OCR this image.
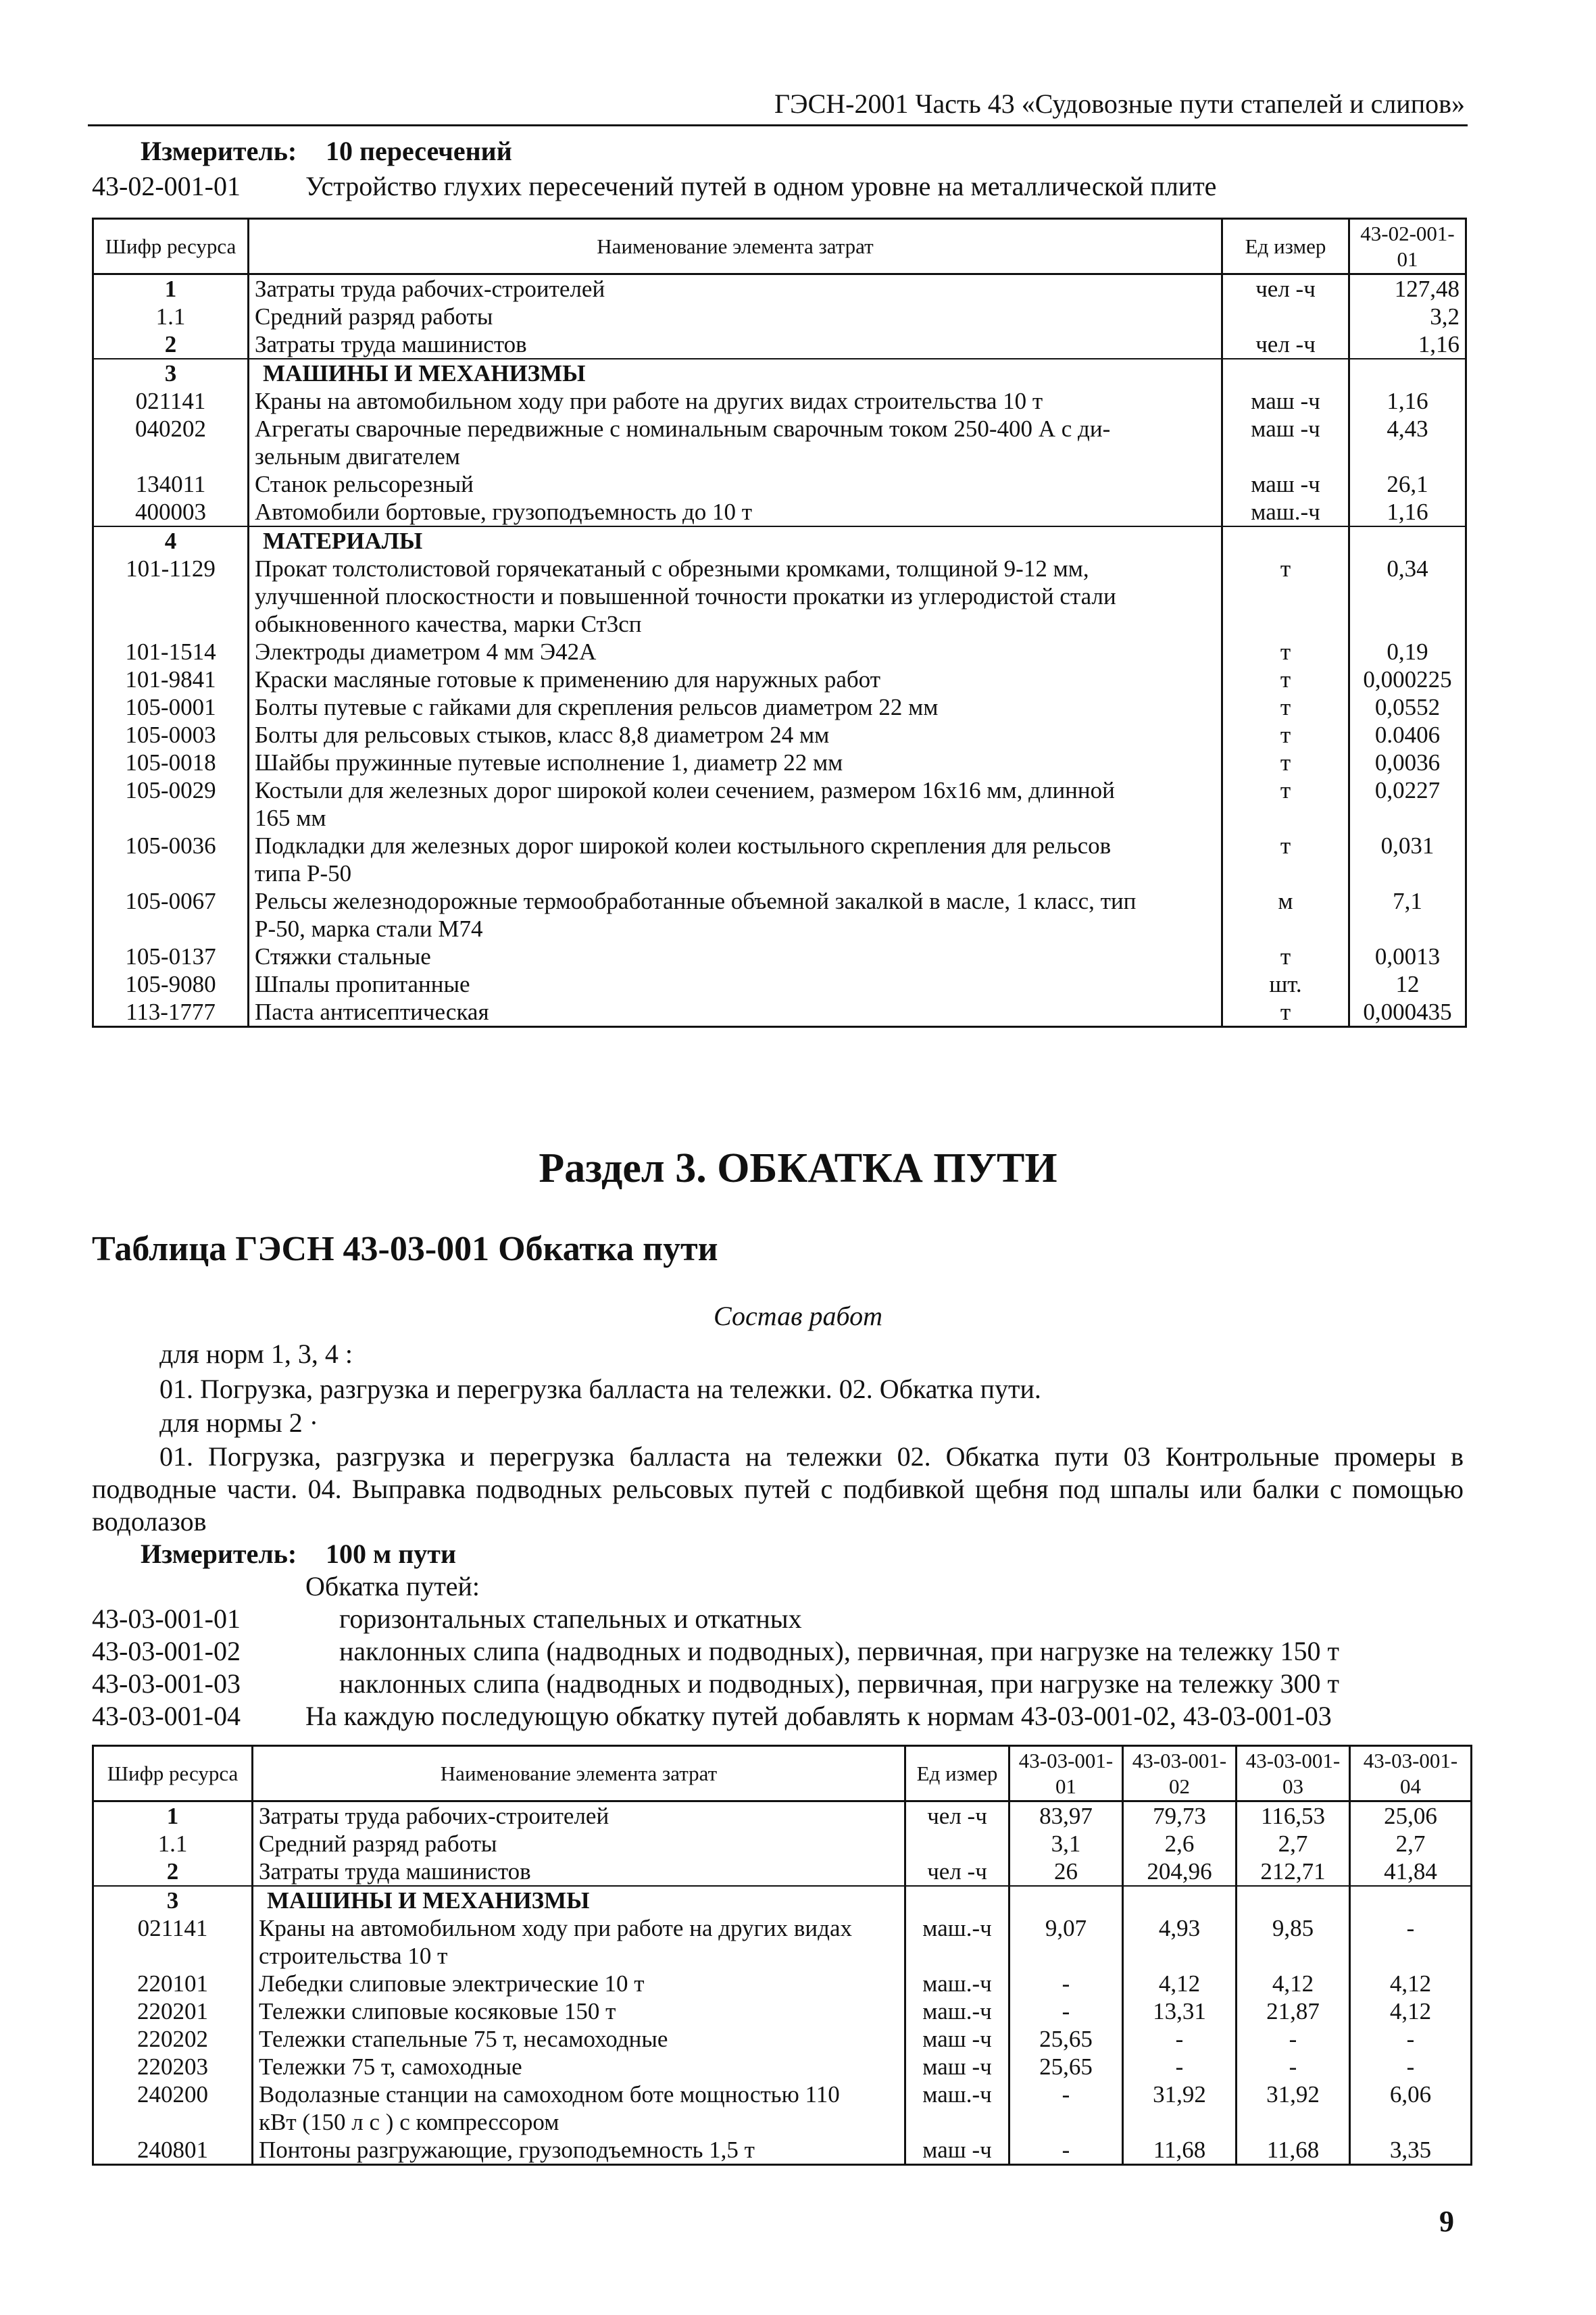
ГЭСН-2001 Часть 43 «Судовозные пути стапелей и слипов»
Измеритель: 10 пересечений
43-02-001-01 Устройство глухих пересечений путей в одном уровне на металлической плите
Шифр ресурса	Наименование элемента затрат	Ед измер	43-02-001-01
1	Затраты труда рабочих-строителей	чел -ч	127,48
1.1	Средний разряд работы		3,2
2	Затраты труда машинистов	чел -ч	1,16
3	МАШИНЫ И МЕХАНИЗМЫ		
021141	Краны на автомобильном ходу при работе на других видах строительства 10 т	маш -ч	1,16
040202	Агрегаты сварочные передвижные с номинальным сварочным током 250-400 А с ди-
зельным двигателем	маш -ч	4,43
134011	Станок рельсорезный	маш -ч	26,1
400003	Автомобили бортовые, грузоподъемность до 10 т	маш.-ч	1,16
4	МАТЕРИАЛЫ		
101-1129	Прокат толстолистовой горячекатаный с обрезными кромками, толщиной 9-12 мм,
улучшенной плоскостности и повышенной точности прокатки из углеродистой стали
обыкновенного качества, марки Ст3сп	т	0,34
101-1514	Электроды диаметром 4 мм Э42А	т	0,19
101-9841	Краски масляные готовые к применению для наружных работ	т	0,000225
105-0001	Болты путевые с гайками для скрепления рельсов диаметром 22 мм	т	0,0552
105-0003	Болты для рельсовых стыков, класс 8,8 диаметром 24 мм	т	0.0406
105-0018	Шайбы пружинные путевые исполнение 1, диаметр 22 мм	т	0,0036
105-0029	Костыли для железных дорог широкой колеи сечением, размером 16х16 мм, длинной
165 мм	т	0,0227
105-0036	Подкладки для железных дорог широкой колеи костыльного скрепления для рельсов
типа Р-50	т	0,031
105-0067	Рельсы железнодорожные термообработанные объемной закалкой в масле, 1 класс, тип
Р-50, марка стали М74	м	7,1
105-0137	Стяжки стальные	т	0,0013
105-9080	Шпалы пропитанные	шт.	12
113-1777	Паста антисептическая	т	0,000435
Раздел 3. ОБКАТКА ПУТИ
Таблица ГЭСН 43-03-001 Обкатка пути
Состав работ
для норм 1, 3, 4 :
01. Погрузка, разгрузка и перегрузка балласта на тележки. 02. Обкатка пути.
для нормы 2 ·
01. Погрузка, разгрузка и перегрузка балласта на тележки 02. Обкатка пути 03 Контрольные промеры в подводные части. 04. Выправка подводных рельсовых путей с подбивкой щебня под шпалы или балки с помощью водолазов
Измеритель: 100 м пути
Обкатка путей:
43-03-001-01	горизонтальных стапельных и откатных
43-03-001-02	наклонных слипа (надводных и подводных), первичная, при нагрузке на тележку 150 т
43-03-001-03	наклонных слипа (надводных и подводных), первичная, при нагрузке на тележку 300 т
43-03-001-04 На каждую последующую обкатку путей добавлять к нормам 43-03-001-02, 43-03-001-03
Шифр ресурса	Наименование элемента затрат	Ед измер	43-03-001-01	43-03-001-02	43-03-001-03	43-03-001-04
1	Затраты труда рабочих-строителей	чел -ч	83,97	79,73	116,53	25,06
1.1	Средний разряд работы		3,1	2,6	2,7	2,7
2	Затраты труда машинистов	чел -ч	26	204,96	212,71	41,84
3	МАШИНЫ И МЕХАНИЗМЫ					
021141	Краны на автомобильном ходу при работе на других видах
строительства 10 т	маш.-ч	9,07	4,93	9,85	-
220101	Лебедки слиповые электрические 10 т	маш.-ч	-	4,12	4,12	4,12
220201	Тележки слиповые косяковые 150 т	маш.-ч	-	13,31	21,87	4,12
220202	Тележки стапельные 75 т, несамоходные	маш -ч	25,65	-	-	-
220203	Тележки 75 т, самоходные	маш -ч	25,65	-	-	-
240200	Водолазные станции на самоходном боте мощностью 110
кВт (150 л с ) с компрессором	маш.-ч	-	31,92	31,92	6,06
240801	Понтоны разгружающие, грузоподъемность 1,5 т	маш -ч	-	11,68	11,68	3,35
9
